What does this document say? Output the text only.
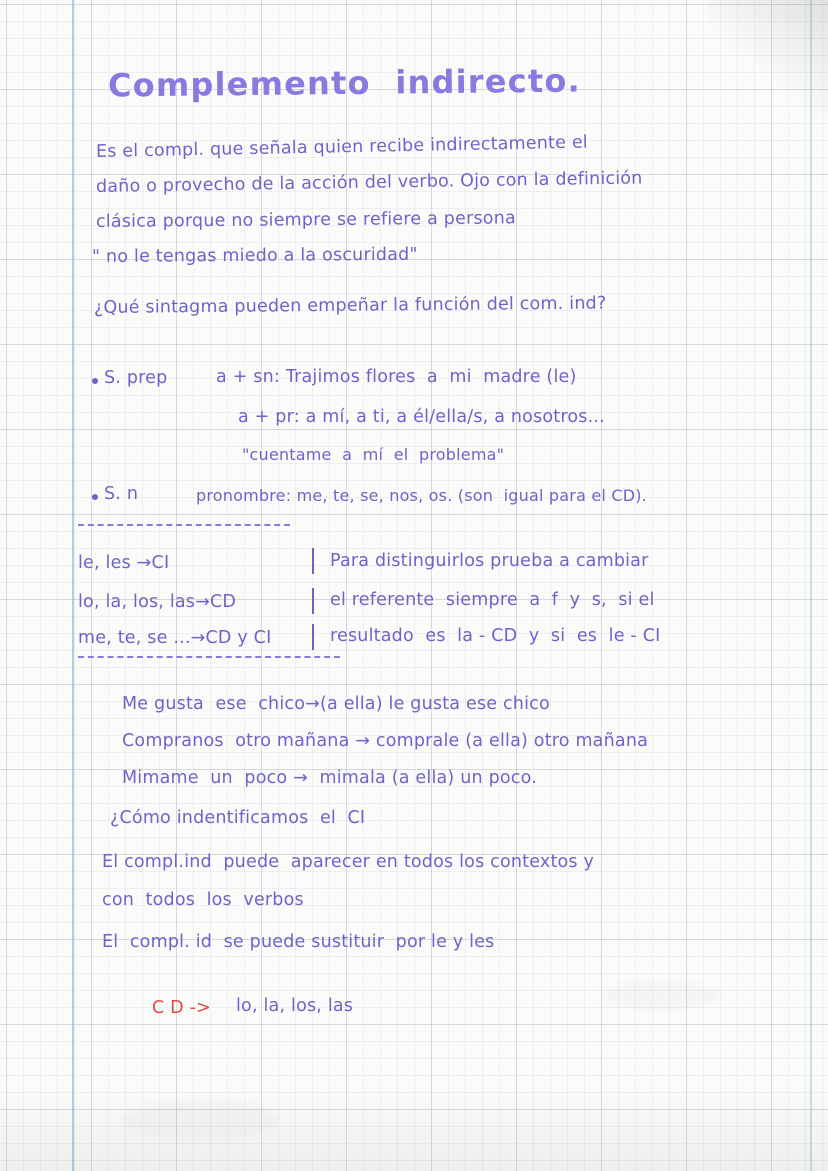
Complemento  indirecto.
Es el compl. que señala quien recibe indirectamente el
daño o provecho de la acción del verbo. Ojo con la definición
clásica porque no siempre se refiere a persona
" no le tengas miedo a la oscuridad"
¿Qué sintagma pueden empeñar la función del com. ind?
S. prep	a + sn: Trajimos flores  a  mi  madre (le)
a + pr: a mí, a ti, a él/ella/s, a nosotros...
"cuentame  a  mí  el  problema"
S. n	pronombre: me, te, se, nos, os. (son  igual para el CD).
le, les →CI
lo, la, los, las→CD
me, te, se ...→CD y CI
Para distinguirlos prueba a cambiar
el referente  siempre  a  f  y  s,  si el
resultado  es  la - CD  y  si  es  le - CI
Me gusta  ese  chico→(a ella) le gusta ese chico
Compranos  otro mañana → comprale (a ella) otro mañana
Mimame  un  poco →  mimala (a ella) un poco.
¿Cómo indentificamos  el  CI
El compl.ind  puede  aparecer en todos los contextos y
con  todos  los  verbos
El  compl. id  se puede sustituir  por le y les
C D -> lo, la, los, las
